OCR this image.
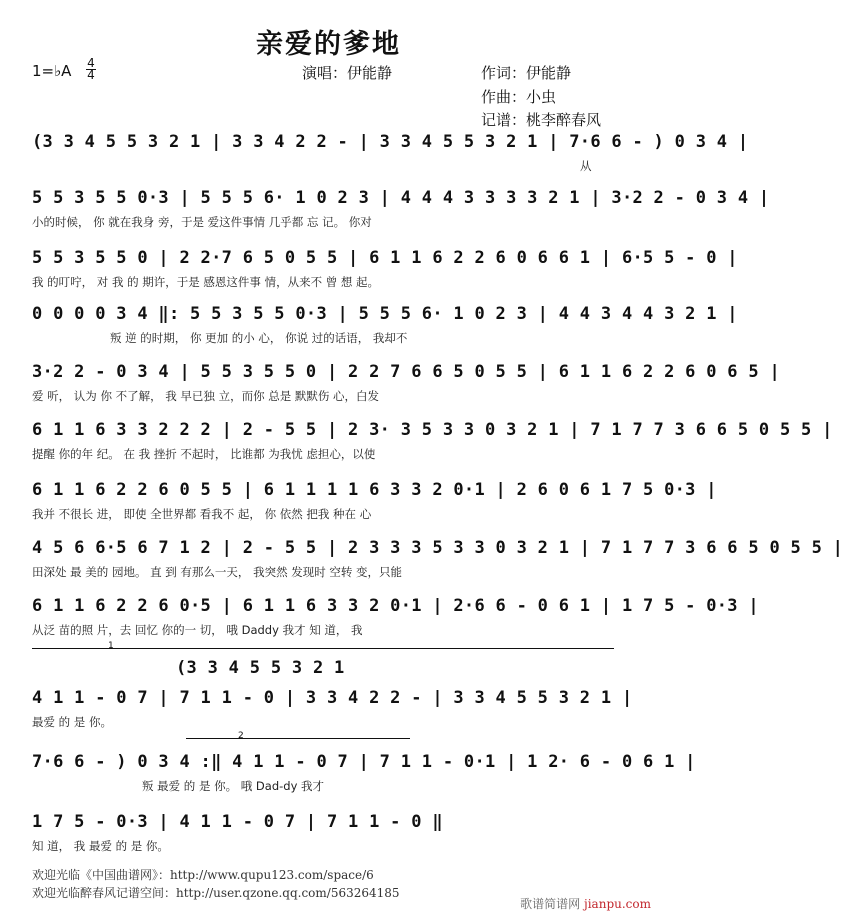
亲爱的爹地
1=♭A $\frac{4}{4}$	演唱：伊能静	作词：伊能静
作曲：小虫
记谱：桃李醉春风
(3 3 4 5 5 3 2 1 | 3 3 4 2 2 - | 3 3 4 5 5 3 2 1 | 7·6 6 - ) 0 3 4 |
从
5 5 3 5 5 0·3 | 5 5 5 6· 1 0 2 3 | 4 4 4 3 3 3 3 2 1 | 3·2 2 - 0 3 4 |
小的时候， 你 就在我身 旁，于是 爱这件事情 几乎都 忘 记。 你对
5 5 3 5 5 0 | 2 2·7 6 5 0 5 5 | 6 1 1 6 2 2 6 0 6 6 1 | 6·5 5 - 0 |
我 的叮咛， 对 我 的 期许，于是 感恩这件事 情，从来不 曾 想 起。
0 0 0 0 3 4 ‖: 5 5 3 5 5 0·3 | 5 5 5 6· 1 0 2 3 | 4 4 3 4 4 3 2 1 |
叛 逆 的时期， 你 更加 的小 心， 你说 过的话语， 我却不
3·2 2 - 0 3 4 | 5 5 3 5 5 0 | 2 2 7 6 6 5 0 5 5 | 6 1 1 6 2 2 6 0 6 5 |
爱 听， 认为 你 不了解， 我 早已独 立，而你 总是 默默伤 心，白发
6 1 1 6 3 3 2 2 2 | 2 - 5 5 | 2 3· 3 5 3 3 0 3 2 1 | 7 1 7 7 3 6 6 5 0 5 5 |
提醒 你的年 纪。 在 我 挫折 不起时， 比谁都 为我忧 虑担心，以使
6 1 1 6 2 2 6 0 5 5 | 6 1 1 1 1 6 3 3 2 0·1 | 2 6 0 6 1 7 5 0·3 |
我并 不很长 进， 即使 全世界都 看我不 起， 你 依然 把我 种在 心
4 5 6 6·5 6 7 1 2 | 2 - 5 5 | 2 3 3 3 5 3 3 0 3 2 1 | 7 1 7 7 3 6 6 5 0 5 5 |
田深处 最 美的 园地。 直 到 有那么一天， 我突然 发现时 空转 变，只能
6 1 1 6 2 2 6 0·5 | 6 1 1 6 3 3 2 0·1 | 2·6 6 - 0 6 1 | 1 7 5 - 0·3 |
从泛 苗的照 片，去 回忆 你的一 切， 哦 Daddy 我才 知 道， 我
1
(3 3 4 5 5 3 2 1
4 1 1 - 0 7 | 7 1 1 - 0 | 3 3 4 2 2 - | 3 3 4 5 5 3 2 1 |
最爱 的 是 你。
2
7·6 6 - ) 0 3 4 :‖ 4 1 1 - 0 7 | 7 1 1 - 0·1 | 1 2· 6 - 0 6 1 |
叛 最爱 的 是 你。 哦 Dad-dy 我才
1 7 5 - 0·3 | 4 1 1 - 0 7 | 7 1 1 - 0 ‖
知 道， 我 最爱 的 是 你。
欢迎光临《中国曲谱网》：http://www.qupu123.com/space/6
欢迎光临醉春风记谱空间：http://user.qzone.qq.com/563264185
歌谱简谱网 jianpu.com
